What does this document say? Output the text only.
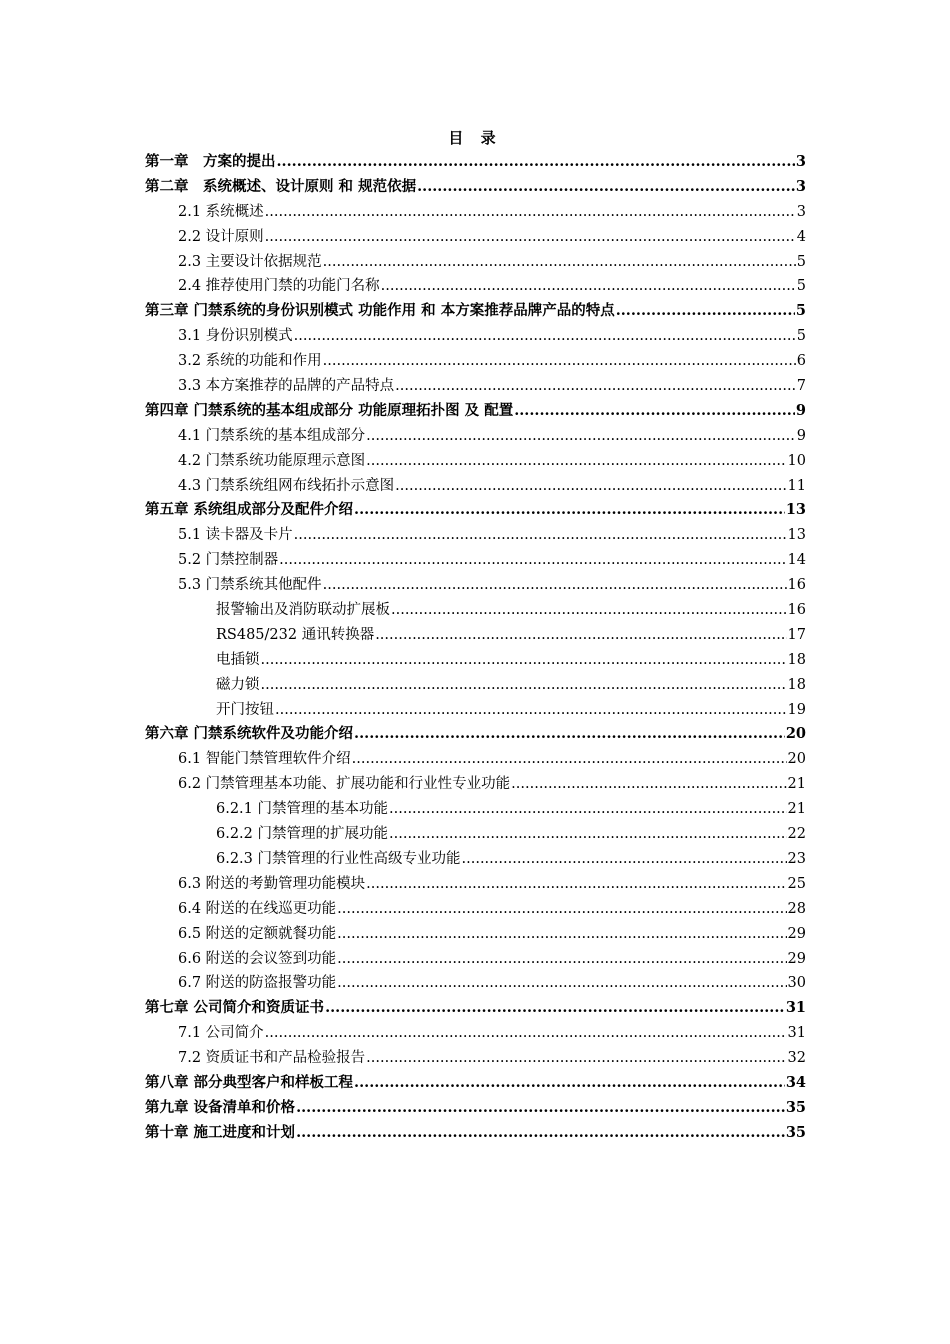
目 录
第一章　方案的提出 .....	3
第二章　系统概述、设计原则 和 规范依据 .....	3
2.1 系统概述 .....	3
2.2 设计原则 .....	4
2.3 主要设计依据规范 .....	5
2.4 推荐使用门禁的功能门名称 .....	5
第三章 门禁系统的身份识别模式 功能作用 和 本方案推荐品牌产品的特点 .....	5
3.1 身份识别模式 .....	5
3.2 系统的功能和作用 .....	6
3.3 本方案推荐的品牌的产品特点 .....	7
第四章 门禁系统的基本组成部分 功能原理拓扑图 及 配置 .....	9
4.1 门禁系统的基本组成部分 .....	9
4.2 门禁系统功能原理示意图 .....	10
4.3 门禁系统组网布线拓扑示意图 .....	11
第五章 系统组成部分及配件介绍 .....	13
5.1 读卡器及卡片 .....	13
5.2 门禁控制器 .....	14
5.3 门禁系统其他配件 .....	16
报警输出及消防联动扩展板 .....	16
RS485/232 通讯转换器 .....	17
电插锁 .....	18
磁力锁 .....	18
开门按钮 .....	19
第六章 门禁系统软件及功能介绍 .....	20
6.1 智能门禁管理软件介绍 .....	20
6.2 门禁管理基本功能、扩展功能和行业性专业功能 .....	21
6.2.1 门禁管理的基本功能 .....	21
6.2.2 门禁管理的扩展功能 .....	22
6.2.3 门禁管理的行业性高级专业功能 .....	23
6.3 附送的考勤管理功能模块 .....	25
6.4 附送的在线巡更功能 .....	28
6.5 附送的定额就餐功能 .....	29
6.6 附送的会议签到功能 .....	29
6.7 附送的防盗报警功能 .....	30
第七章 公司简介和资质证书 .....	31
7.1 公司简介 .....	31
7.2 资质证书和产品检验报告 .....	32
第八章 部分典型客户和样板工程 .....	34
第九章 设备清单和价格 .....	35
第十章 施工进度和计划 .....	35
